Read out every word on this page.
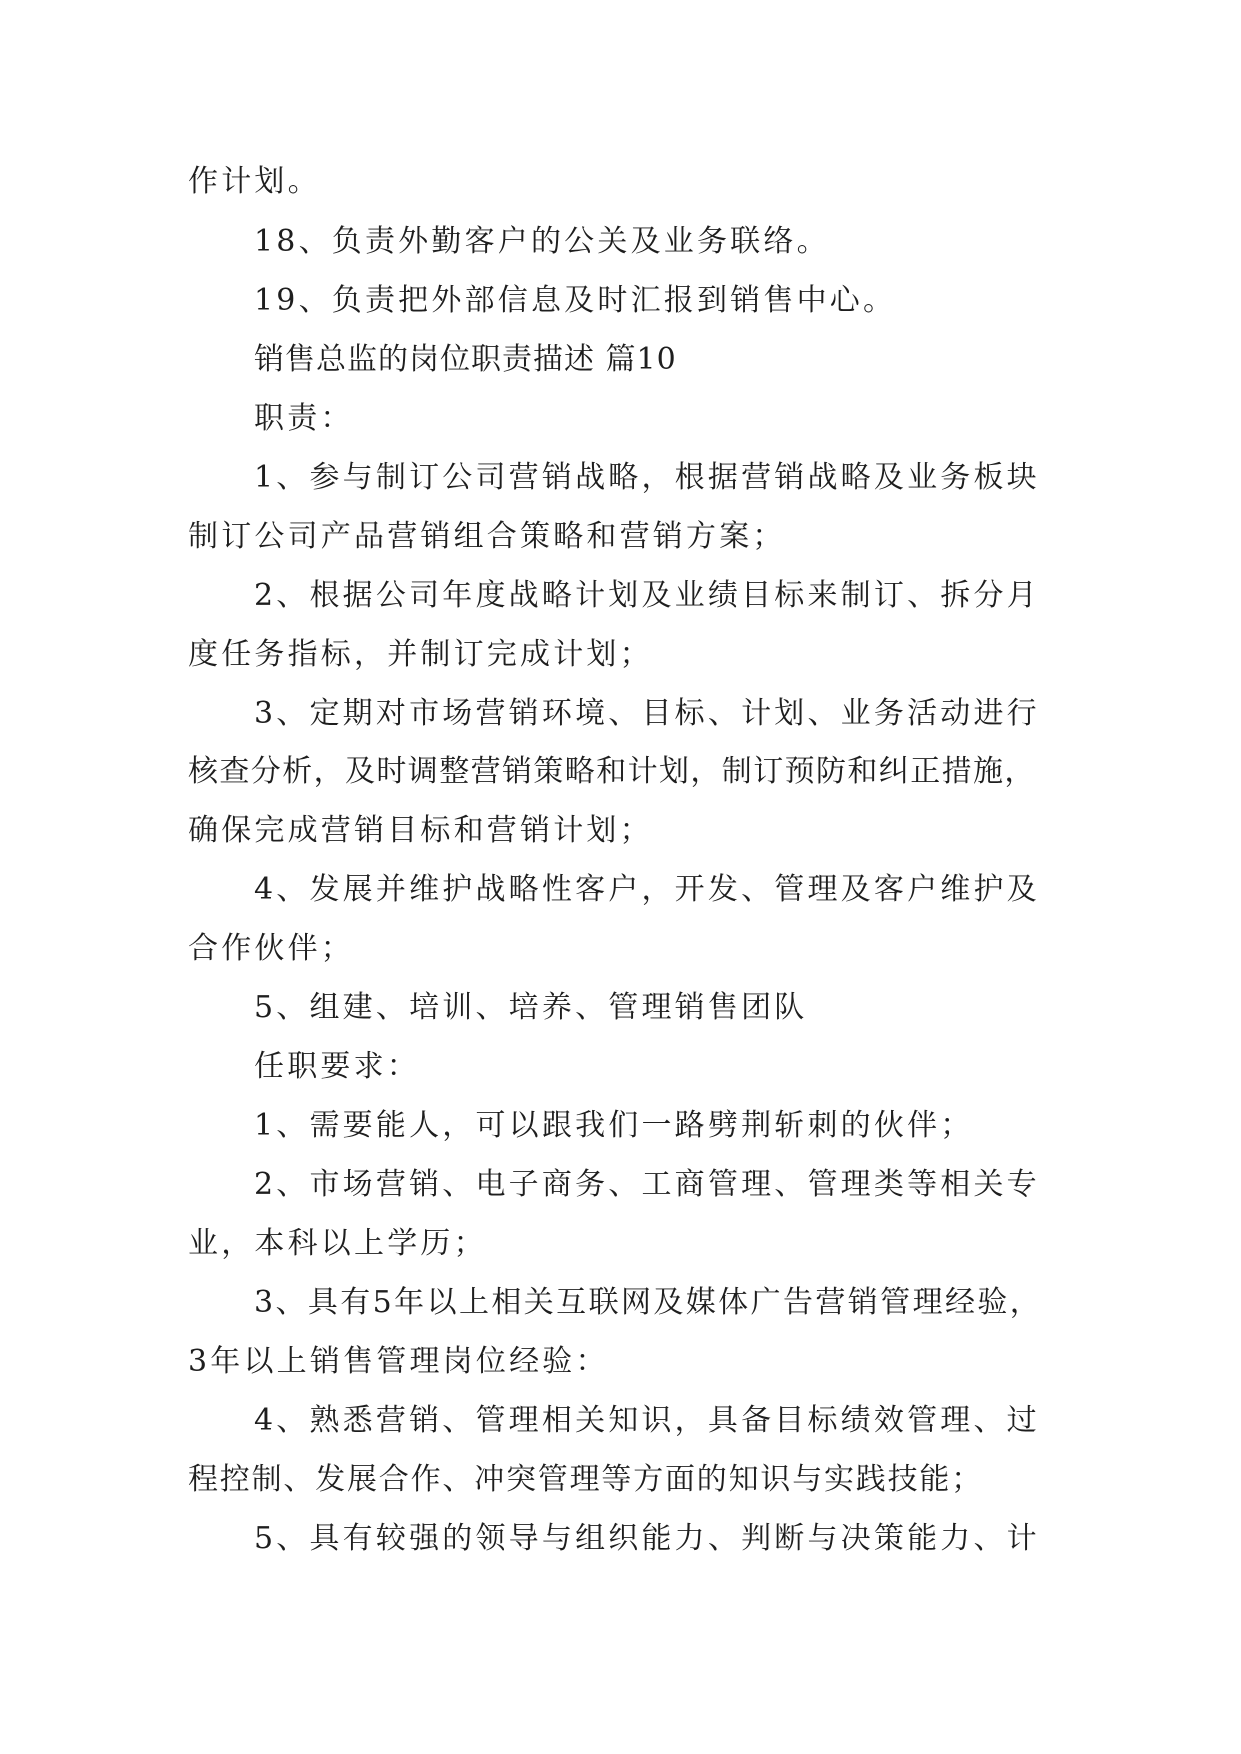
作计划。

18、负责外勤客户的公关及业务联络。

19、负责把外部信息及时汇报到销售中心。

销售总监的岗位职责描述 篇10

职责：

1、参与制订公司营销战略，根据营销战略及业务板块

制订公司产品营销组合策略和营销方案；

2、根据公司年度战略计划及业绩目标来制订、拆分月

度任务指标，并制订完成计划；

3、定期对市场营销环境、目标、计划、业务活动进行

核查分析，及时调整营销策略和计划，制订预防和纠正措施，

确保完成营销目标和营销计划；

4、发展并维护战略性客户，开发、管理及客户维护及

合作伙伴；

5、组建、培训、培养、管理销售团队

任职要求：

1、需要能人，可以跟我们一路劈荆斩刺的伙伴；

2、市场营销、电子商务、工商管理、管理类等相关专

业，本科以上学历；

3、具有5年以上相关互联网及媒体广告营销管理经验，

3年以上销售管理岗位经验：

4、熟悉营销、管理相关知识，具备目标绩效管理、过

程控制、发展合作、冲突管理等方面的知识与实践技能；

5、具有较强的领导与组织能力、判断与决策能力、计
